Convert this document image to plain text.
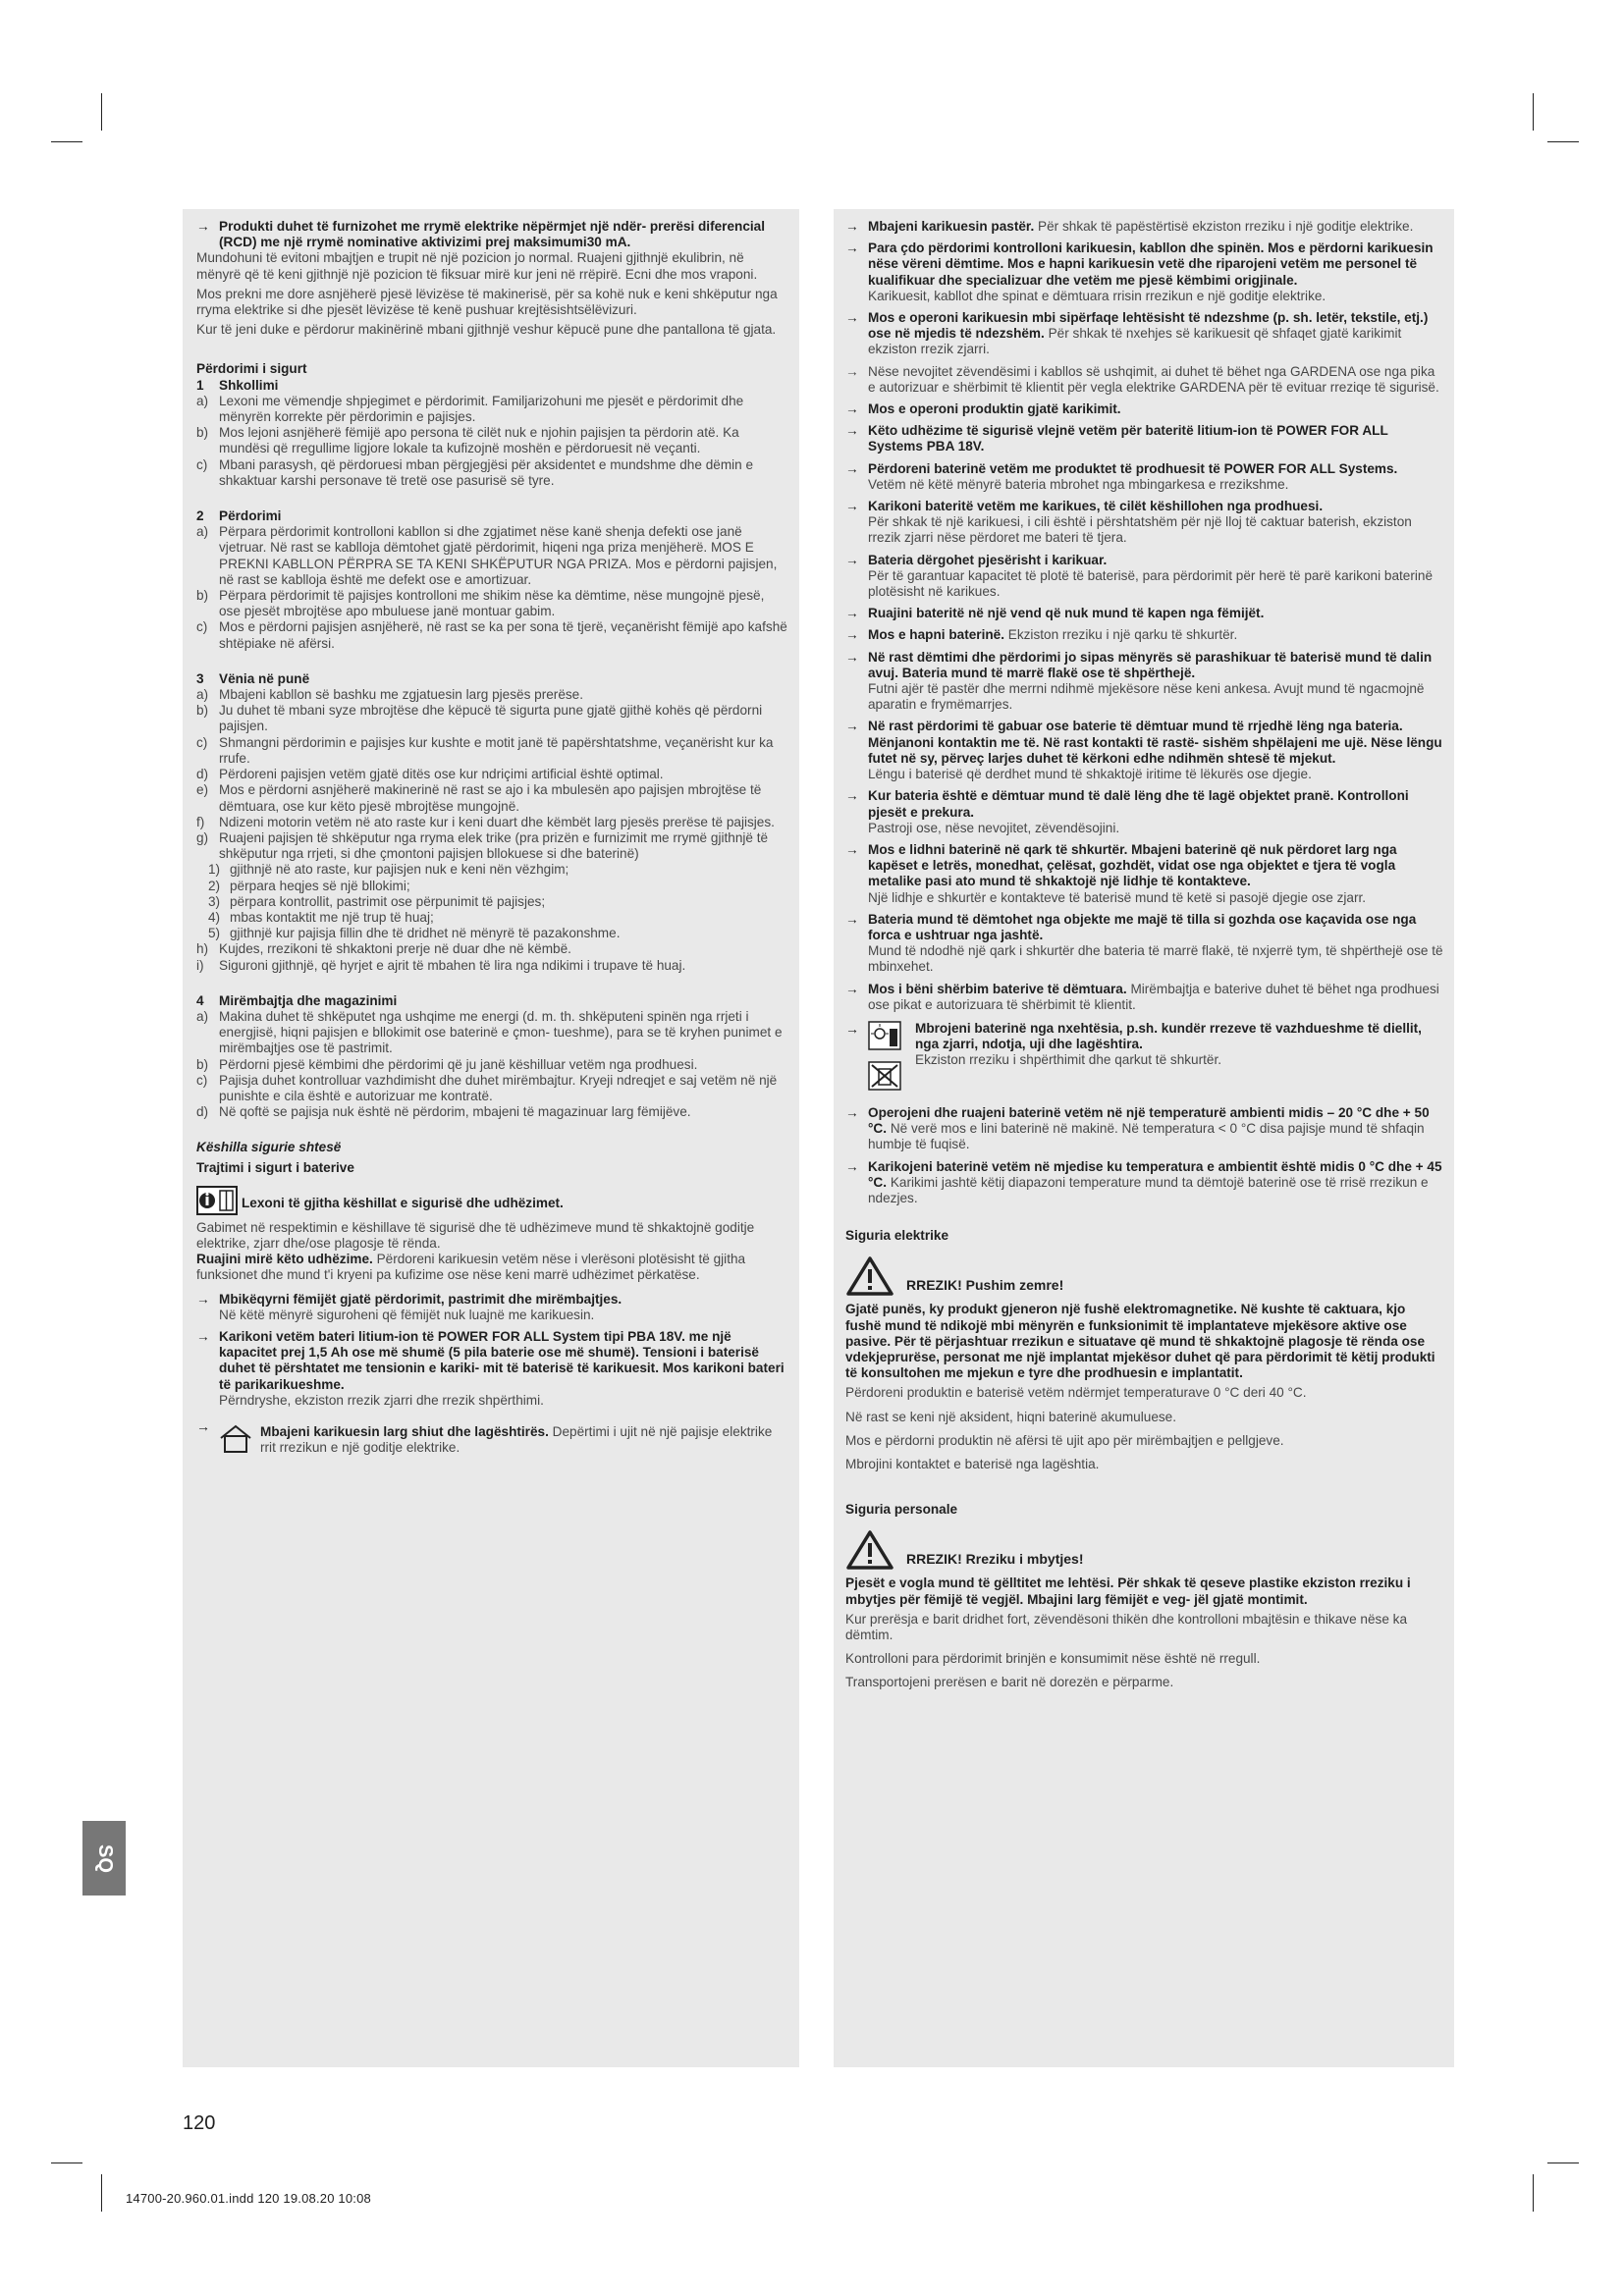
→ Produkti duhet të furnizohet me rrymë elektrike nëpërmjet një ndër- prerësi diferencial (RCD) me një rrymë nominative aktivizimi prej maksimumi30 mA.

Mundohuni të evitoni mbajtjen e trupit në një pozicion jo normal. Ruajeni gjithnjë ekulibrin, në mënyrë që të keni gjithnjë një pozicion të fiksuar mirë kur jeni në rrëpirë. Ecni dhe mos vraponi.

Mos prekni me dore asnjëherë pjesë lëvizëse të makinerisë, për sa kohë nuk e keni shkëputur nga rryma elektrike si dhe pjesët lëvizëse të kenë pushuar krejtësishtsëlëvizuri.

Kur të jeni duke e përdorur makinërinë mbani gjithnjë veshur këpucë pune dhe pantallona të gjata.

Përdorimi i sigurt

1 Shkollimi

a) Lexoni me vëmendje shpjegimet e përdorimit. Familjarizohuni me pjesët e përdorimit dhe mënyrën korrekte për përdorimin e pajisjes.

b) Mos lejoni asnjëherë fëmijë apo persona të cilët nuk e njohin pajisjen ta përdorin atë. Ka mundësi që rregullime ligjore lokale ta kufizojnë moshën e përdoruesit në veçanti.

c) Mbani parasysh, që përdoruesi mban përgjegjësi për aksidentet e mundshme dhe dëmin e shkaktuar karshi personave të tretë ose pasurisë së tyre.

2 Përdorimi

a) Përpara përdorimit kontrolloni kabllon si dhe zgjatimet nëse kanë shenja defekti ose janë vjetruar. Në rast se kablloja dëmtohet gjatë përdorimit, hiqeni nga priza menjëherë. MOS E PREKNI KABLLON PËRPRA SE TA KENI SHKËPUTUR NGA PRIZA. Mos e përdorni pajisjen, në rast se kablloja është me defekt ose e amortizuar.

b) Përpara përdorimit të pajisjes kontrolloni me shikim nëse ka dëmtime, nëse mungojnë pjesë, ose pjesët mbrojtëse apo mbuluese janë montuar gabim.

c) Mos e përdorni pajisjen asnjëherë, në rast se ka per sona të tjerë, veçanërisht fëmijë apo kafshë shtëpiake në afërsi.

3 Vënia në punë

a) Mbajeni kabllon së bashku me zgjatuesin larg pjesës prerëse.

b) Ju duhet të mbani syze mbrojtëse dhe këpucë të sigurta pune gjatë gjithë kohës që përdorni pajisjen.

c) Shmangni përdorimin e pajisjes kur kushte e motit janë të papërshtatshme, veçanërisht kur ka rrufe.

d) Përdoreni pajisjen vetëm gjatë ditës ose kur ndriçimi artificial është optimal.

e) Mos e përdorni asnjëherë makinerinë në rast se ajo i ka mbulesën apo pajisjen mbrojtëse të dëmtuara, ose kur këto pjesë mbrojtëse mungojnë.

f) Ndizeni motorin vetëm në ato raste kur i keni duart dhe këmbët larg pjesës prerëse të pajisjes.

g) Ruajeni pajisjen të shkëputur nga rryma elek trike (pra prizën e furnizimit me rrymë gjithnjë të shkëputur nga rrjeti, si dhe çmontoni pajisjen bllokuese si dhe baterinë)

1) gjithnjë në ato raste, kur pajisjen nuk e keni nën vëzhgim;

2) përpara heqjes së një bllokimi;

3) përpara kontrollit, pastrimit ose përpunimit të pajisjes;

4) mbas kontaktit me një trup të huaj;

5) gjithnjë kur pajisja fillin dhe të dridhet në mënyrë të pazakonshme.

h) Kujdes, rrezikoni të shkaktoni prerje në duar dhe në këmbë.

i) Siguroni gjithnjë, që hyrjet e ajrit të mbahen të lira nga ndikimi i trupave të huaj.

4 Mirëmbajtja dhe magazinimi

a) Makina duhet të shkëputet nga ushqime me energi (d. m. th. shkëputeni spinën nga rrjeti i energjisë, hiqni pajisjen e bllokimit ose baterinë e çmon- tueshme), para se të kryhen punimet e mirëmbajtjes ose të pastrimit.

b) Përdorni pjesë këmbimi dhe përdorimi që ju janë këshilluar vetëm nga prodhuesi.

c) Pajisja duhet kontrolluar vazhdimisht dhe duhet mirëmbajtur. Kryeji ndreqjet e saj vetëm në një punishte e cila është e autorizuar me kontratë.

d) Në qoftë se pajisja nuk është në përdorim, mbajeni të magazinuar larg fëmijëve.

Këshilla sigurie shtesë

Trajtimi i sigurt i baterive

Lexoni të gjitha këshillat e sigurisë dhe udhëzimet.

Gabimet në respektimin e këshillave të sigurisë dhe të udhëzimeve mund të shkaktojnë goditje elektrike, zjarr dhe/ose plagosje të rënda.

Ruajini mirë këto udhëzime. Përdoreni karikuesin vetëm nëse i vlerësoni plotësisht të gjitha funksionet dhe mund t'i kryeni pa kufizime ose nëse keni marrë udhëzimet përkatëse.

→ Mbikëqyrni fëmijët gjatë përdorimit, pastrimit dhe mirëmbajtjes.

Në këtë mënyrë siguroheni që fëmijët nuk luajnë me karikuesin.

→ Karikoni vetëm bateri litium-ion të POWER FOR ALL System tipi PBA 18V. me një kapacitet prej 1,5 Ah ose më shumë (5 pila baterie ose më shumë). Tensioni i baterisë duhet të përshtatet me tensionin e kariki- mit të baterisë të karikuesit. Mos karikoni bateri të parikarikueshme.

Përndryshe, ekziston rrezik zjarri dhe rrezik shpërthimi.

→	Mbajeni karikuesin larg shiut dhe lagështirës. Depërtimi i ujit në një pajisje elektrike rrit rrezikun e një goditje elektrike.

→ Mbajeni karikuesin pastër. Për shkak të papëstërtisë ekziston rreziku i një goditje elektrike.

→ Para çdo përdorimi kontrolloni karikuesin, kabllon dhe spinën. Mos e përdorni karikuesin nëse vëreni dëmtime. Mos e hapni karikuesin vetë dhe riparojeni vetëm me personel të kualifikuar dhe specializuar dhe vetëm me pjesë këmbimi origjinale.

Karikuesit, kabllot dhe spinat e dëmtuara rrisin rrezikun e një goditje elektrike.

→ Mos e operoni karikuesin mbi sipërfaqe lehtësisht të ndezshme (p. sh. letër, tekstile, etj.) ose në mjedis të ndezshëm. Për shkak të nxehjes së karikuesit që shfaqet gjatë karikimit ekziston rrezik zjarri.

→ Nëse nevojitet zëvendësimi i kabllos së ushqimit, ai duhet të bëhet nga GARDENA ose nga pika e autorizuar e shërbimit të klientit për vegla elektrike GARDENA për të evituar rreziqe të sigurisë.

→ Mos e operoni produktin gjatë karikimit.

→ Këto udhëzime të sigurisë vlejnë vetëm për bateritë litium-ion të POWER FOR ALL Systems PBA 18V.

→ Përdoreni baterinë vetëm me produktet të prodhuesit të POWER FOR ALL Systems.

Vetëm në këtë mënyrë bateria mbrohet nga mbingarkesa e rrezikshme.

→ Karikoni bateritë vetëm me karikues, të cilët këshillohen nga prodhuesi.

Për shkak të një karikuesi, i cili është i përshtatshëm për një lloj të caktuar baterish, ekziston rrezik zjarri nëse përdoret me bateri të tjera.

→ Bateria dërgohet pjesërisht i karikuar.

Për të garantuar kapacitet të plotë të baterisë, para përdorimit për herë të parë karikoni baterinë plotësisht në karikues.

→ Ruajini bateritë në një vend që nuk mund të kapen nga fëmijët.

→ Mos e hapni baterinë. Ekziston rreziku i një qarku të shkurtër.

→ Në rast dëmtimi dhe përdorimi jo sipas mënyrës së parashikuar të baterisë mund të dalin avuj. Bateria mund të marrë flakë ose të shpërthejë.

Futni ajër të pastër dhe merrni ndihmë mjekësore nëse keni ankesa. Avujt mund të ngacmojnë aparatin e frymëmarrjes.

→ Në rast përdorimi të gabuar ose baterie të dëmtuar mund të rrjedhë lëng nga bateria. Mënjanoni kontaktin me të. Në rast kontakti të rastë- sishëm shpëlajeni me ujë. Nëse lëngu futet në sy, përveç larjes duhet të kërkoni edhe ndihmën shtesë të mjekut.

Lëngu i baterisë që derdhet mund të shkaktojë iritime të lëkurës ose djegie.

→ Kur bateria është e dëmtuar mund të dalë lëng dhe të lagë objektet pranë. Kontrolloni pjesët e prekura.

Pastroji ose, nëse nevojitet, zëvendësojini.

→ Mos e lidhni baterinë në qark të shkurtër. Mbajeni baterinë që nuk përdoret larg nga kapëset e letrës, monedhat, çelësat, gozhdët, vidat ose nga objektet e tjera të vogla metalike pasi ato mund të shkaktojë një lidhje të kontakteve.

Një lidhje e shkurtër e kontakteve të baterisë mund të ketë si pasojë djegie ose zjarr.

→ Bateria mund të dëmtohet nga objekte me majë të tilla si gozhda ose kaçavida ose nga forca e ushtruar nga jashtë.

Mund të ndodhë një qark i shkurtër dhe bateria të marrë flakë, të nxjerrë tym, të shpërthejë ose të mbinxehet.

→ Mos i bëni shërbim baterive të dëmtuara. Mirëmbajtja e baterive duhet të bëhet nga prodhuesi ose pikat e autorizuara të shërbimit të klientit.

→	Mbrojeni baterinë nga nxehtësia, p.sh. kundër rrezeve të vazhdueshme të diellit, nga zjarri, ndotja, uji dhe lagështira.

Ekziston rreziku i shpërthimit dhe qarkut të shkurtër.

→ Operojeni dhe ruajeni baterinë vetëm në një temperaturë ambienti midis – 20 °C dhe + 50 °C. Në verë mos e lini baterinë në makinë. Në temperatura < 0 °C disa pajisje mund të shfaqin humbje të fuqisë.

→ Karikojeni baterinë vetëm në mjedise ku temperatura e ambientit është midis 0 °C dhe + 45 °C. Karikimi jashtë këtij diapazoni temperature mund ta dëmtojë baterinë ose të rrisë rrezikun e ndezjes.

Siguria elektrike

RREZIK! Pushim zemre!

Gjatë punës, ky produkt gjeneron një fushë elektromagnetike. Në kushte të caktuara, kjo fushë mund të ndikojë mbi mënyrën e funksionimit të implantateve mjekësore aktive ose pasive. Për të përjashtuar rrezikun e situatave që mund të shkaktojnë plagosje të rënda ose vdekjeprurëse, personat me një implantat mjekësor duhet që para përdorimit të këtij produkti të konsultohen me mjekun e tyre dhe prodhuesin e implantatit.

Përdoreni produktin e baterisë vetëm ndërmjet temperaturave 0 °C deri 40 °C.

Në rast se keni një aksident, hiqni baterinë akumuluese.

Mos e përdorni produktin në afërsi të ujit apo për mirëmbajtjen e pellgjeve.

Mbrojini kontaktet e baterisë nga lagështia.

Siguria personale

RREZIK! Rreziku i mbytjes!

Pjesët e vogla mund të gëlltitet me lehtësi. Për shkak të qeseve plastike ekziston rreziku i mbytjes për fëmijë të vegjël. Mbajini larg fëmijët e veg- jël gjatë montimit.

Kur prerësja e barit dridhet fort, zëvendësoni thikën dhe kontrolloni mbajtësin e thikave nëse ka dëmtim.

Kontrolloni para përdorimit brinjën e konsumimit nëse është në rregull.

Transportojeni prerësen e barit në dorezën e përparme.

SQ
120
14700-20.960.01.indd 120 19.08.20 10:08
